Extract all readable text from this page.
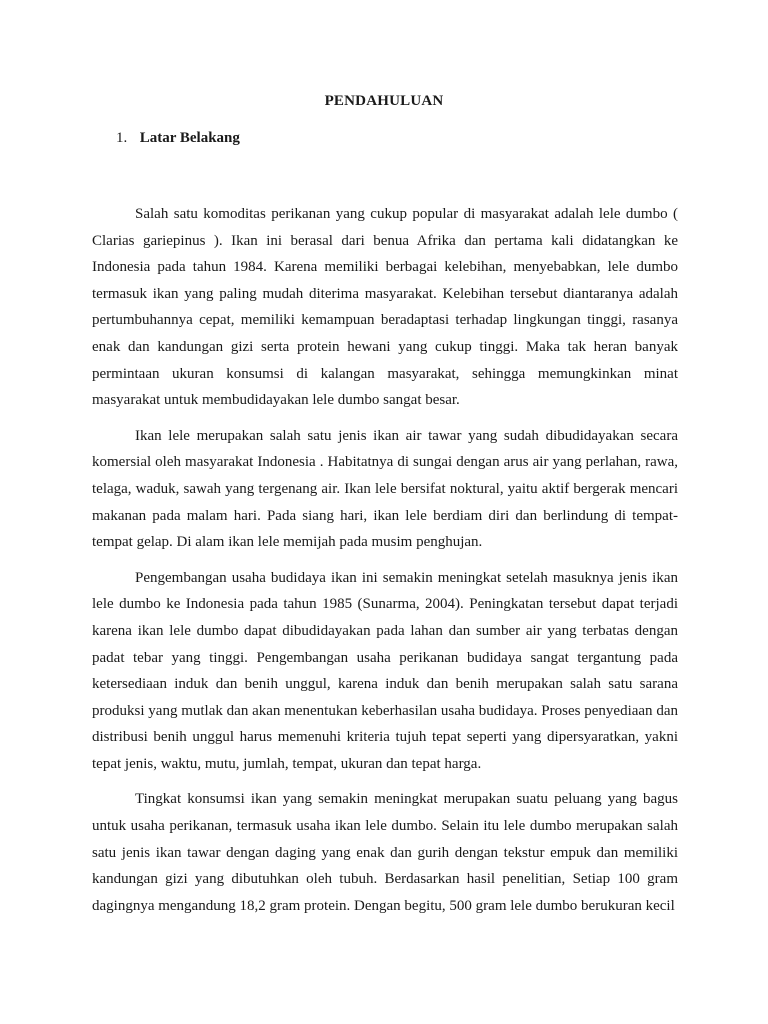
PENDAHULUAN
1. Latar Belakang

Salah satu komoditas perikanan yang cukup popular di masyarakat adalah lele dumbo ( Clarias gariepinus ). Ikan ini berasal dari benua Afrika dan pertama kali didatangkan ke Indonesia pada tahun 1984. Karena memiliki berbagai kelebihan, menyebabkan, lele dumbo termasuk ikan yang paling mudah diterima masyarakat. Kelebihan tersebut diantaranya adalah pertumbuhannya cepat, memiliki kemampuan beradaptasi terhadap lingkungan tinggi, rasanya enak dan kandungan gizi serta protein hewani yang cukup tinggi. Maka tak heran banyak permintaan ukuran konsumsi di kalangan masyarakat, sehingga memungkinkan minat masyarakat untuk membudidayakan lele dumbo sangat besar.

Ikan lele merupakan salah satu jenis ikan air tawar yang sudah dibudidayakan secara komersial oleh masyarakat Indonesia . Habitatnya di sungai dengan arus air yang perlahan, rawa, telaga, waduk, sawah yang tergenang air. Ikan lele bersifat noktural, yaitu aktif bergerak mencari makanan pada malam hari. Pada siang hari, ikan lele berdiam diri dan berlindung di tempat-tempat gelap. Di alam ikan lele memijah pada musim penghujan.

Pengembangan usaha budidaya ikan ini semakin meningkat setelah masuknya jenis ikan lele dumbo ke Indonesia pada tahun 1985 (Sunarma, 2004). Peningkatan tersebut dapat terjadi karena ikan lele dumbo dapat dibudidayakan pada lahan dan sumber air yang terbatas dengan padat tebar yang tinggi. Pengembangan usaha perikanan budidaya sangat tergantung pada ketersediaan induk dan benih unggul, karena induk dan benih merupakan salah satu sarana produksi yang mutlak dan akan menentukan keberhasilan usaha budidaya. Proses penyediaan dan distribusi benih unggul harus memenuhi kriteria tujuh tepat seperti yang dipersyaratkan, yakni tepat jenis, waktu, mutu, jumlah, tempat, ukuran dan tepat harga.

Tingkat konsumsi ikan yang semakin meningkat merupakan suatu peluang yang bagus untuk usaha perikanan, termasuk usaha ikan lele dumbo. Selain itu lele dumbo merupakan salah satu jenis ikan tawar dengan daging yang enak dan gurih dengan tekstur empuk dan memiliki kandungan gizi yang dibutuhkan oleh tubuh. Berdasarkan hasil penelitian, Setiap 100 gram dagingnya mengandung 18,2 gram protein. Dengan begitu, 500 gram lele dumbo berukuran kecil
